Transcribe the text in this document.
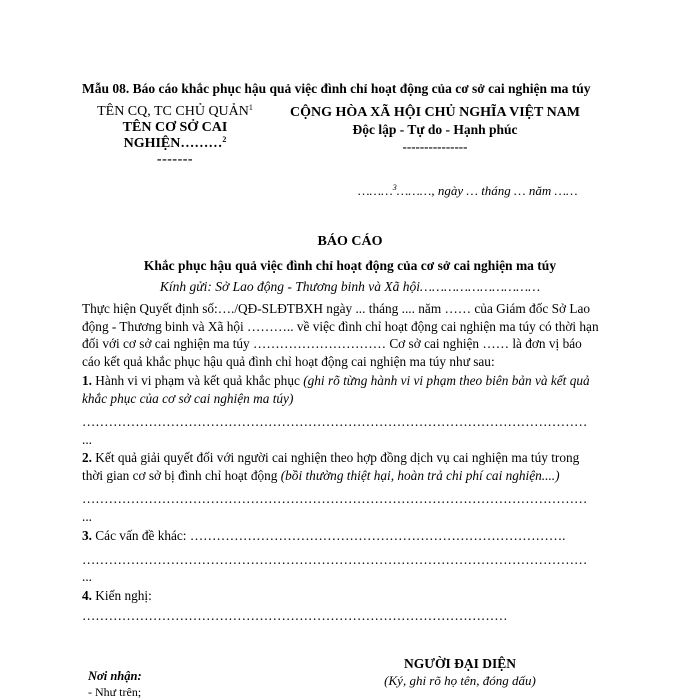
Mẫu 08. Báo cáo khắc phục hậu quả việc đình chỉ hoạt động của cơ sở cai nghiện ma túy
TÊN CQ, TC CHỦ QUẢN$^1$
TÊN CƠ SỞ CAI
NGHIỆN………$^2$
-------
CỘNG HÒA XÃ HỘI CHỦ NGHĨA VIỆT NAM
Độc lập - Tự do - Hạnh phúc
---------------
………$^3$………, ngày … tháng … năm ……
BÁO CÁO
Khắc phục hậu quả việc đình chỉ hoạt động của cơ sở cai nghiện ma túy
Kính gửi: Sở Lao động - Thương binh và Xã hội…………………………
Thực hiện Quyết định số:…./QĐ-SLĐTBXH ngày ... tháng .... năm …… của Giám đốc Sở Lao
động - Thương binh và Xã hội ……….. về việc đình chỉ hoạt động cai nghiện ma túy có thời hạn
đối với cơ sở cai nghiện ma túy ………………………… Cơ sở cai nghiện …… là đơn vị báo
cáo kết quả khắc phục hậu quả đình chỉ hoạt động cai nghiện ma túy như sau:
1. Hành vi vi phạm và kết quả khắc phục (ghi rõ từng hành vi vi phạm theo biên bản và kết quả
khắc phục của cơ sở cai nghiện ma túy)
……………………………………………………………………………………………………
...
2. Kết quả giải quyết đối với người cai nghiện theo hợp đồng dịch vụ cai nghiện ma túy trong
thời gian cơ sở bị đình chỉ hoạt động (bồi thường thiệt hại, hoàn trả chi phí cai nghiện....)
……………………………………………………………………………………………………
...
3. Các vấn đề khác: ………………………………………………………………………….
……………………………………………………………………………………………………
...
4. Kiến nghị:
……………………………………………………………………………………
Nơi nhận:
- Như trên;
NGƯỜI ĐẠI DIỆN
(Ký, ghi rõ họ tên, đóng dấu)
